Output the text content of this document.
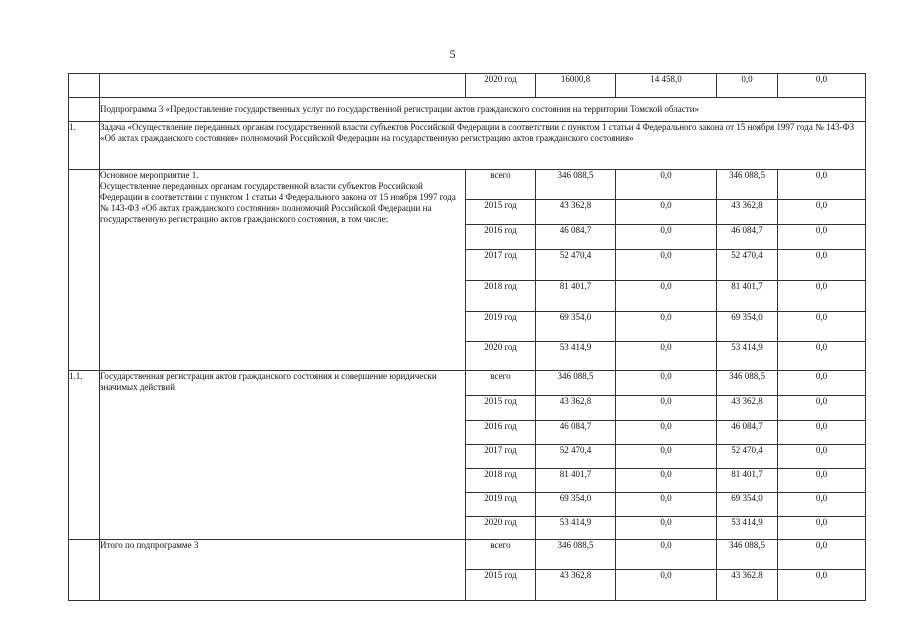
5
		2020 год	16000,8	14 458,0	0,0	0,0
	Подпрограмма 3 «Предоставление государственных услуг по государственной регистрации актов гражданского состояния на территории Томской области»					
1.	Задача «Осуществление переданных органам государственной власти субъектов Российской Федерации в соответствии с пунктом 1 статьи 4 Федерального закона от 15 ноября 1997 года № 143-ФЗ «Об актах гражданского состояния» полномочий Российской Федерации на государственную регистрацию актов гражданского состояния»					
	Основное мероприятие 1.
Осуществление переданных органам государственной власти субъектов Российской Федерации в соответствии с пунктом 1 статьи 4 Федерального закона от 15 ноября 1997 года № 143-ФЗ «Об актах гражданского состояния» полномочий Российской Федерации на государственную регистрацию актов гражданского состояния, в том числе:	всего	346 088,5	0,0	346 088,5	0,0
		2015 год	43 362,8	0,0	43 362,8	0,0
		2016 год	46 084,7	0,0	46 084,7	0,0
		2017 год	52 470,4	0,0	52 470,4	0,0
		2018 год	81 401,7	0,0	81 401,7	0,0
		2019 год	69 354,0	0,0	69 354,0	0,0
		2020 год	53 414,9	0,0	53 414,9	0,0
1.1.	Государственная регистрация актов гражданского состояния и совершение юридически значимых действий	всего	346 088,5	0,0	346 088,5	0,0
		2015 год	43 362,8	0,0	43 362,8	0,0
		2016 год	46 084,7	0,0	46 084,7	0,0
		2017 год	52 470,4	0,0	52 470,4	0,0
		2018 год	81 401,7	0,0	81 401,7	0,0
		2019 год	69 354,0	0,0	69 354,0	0,0
		2020 год	53 414,9	0,0	53 414,9	0,0
	Итого по подпрограмме 3	всего	346 088,5	0,0	346 088,5	0,0
		2015 год	43 362,8	0,0	43 362.8	0,0
